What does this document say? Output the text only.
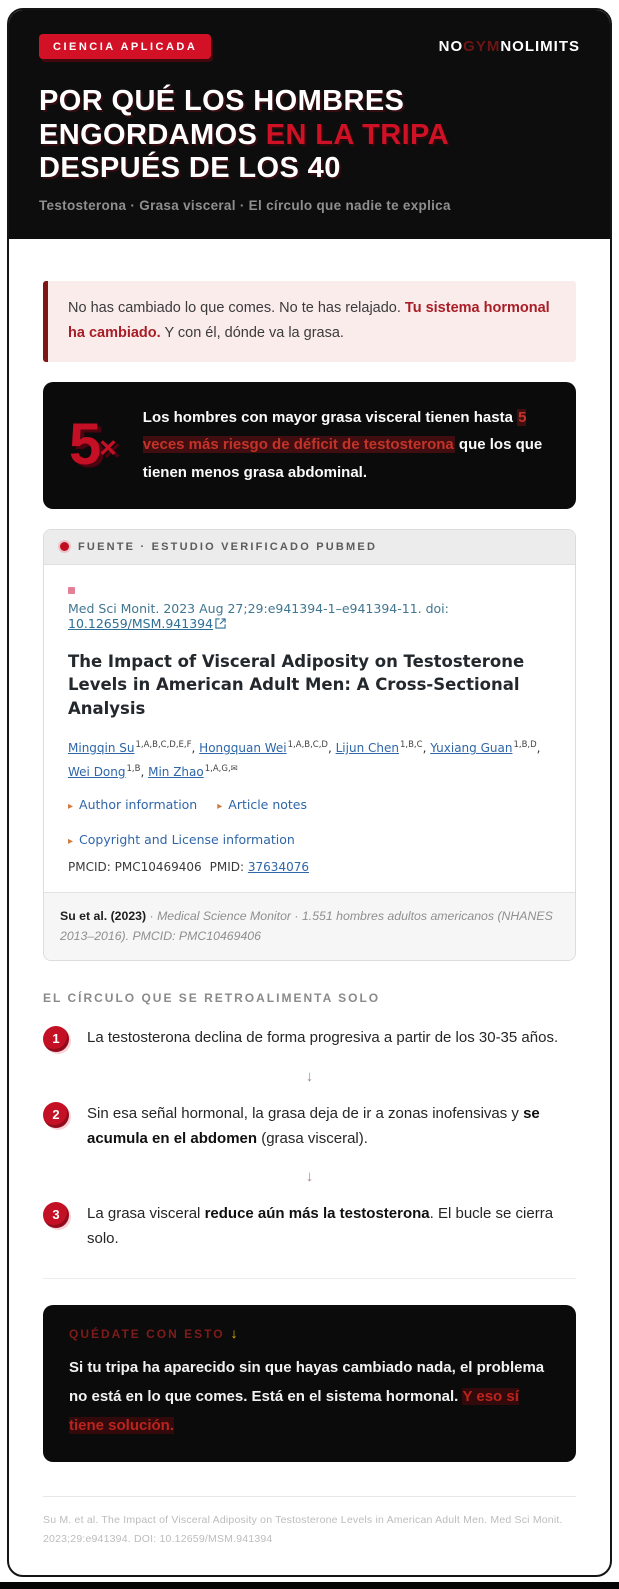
CIENCIA APLICADA	NOGYMNOLIMITS
POR QUÉ LOS HOMBRES
ENGORDAMOS EN LA TRIPA
DESPUÉS DE LOS 40

Testosterona · Grasa visceral · El círculo que nadie te explica

No has cambiado lo que comes. No te has relajado. Tu sistema hormonal ha cambiado. Y con él, dónde va la grasa.
5×

Los hombres con mayor grasa visceral tienen hasta 5 veces más riesgo de déficit de testosterona que los que tienen menos grasa abdominal.

FUENTE · ESTUDIO VERIFICADO PUBMED

Med Sci Monit. 2023 Aug 27;29:e941394-1–e941394-11. doi: 10.12659/MSM.941394

The Impact of Visceral Adiposity on Testosterone Levels in American Adult Men: A Cross-Sectional Analysis

Mingqin $Su^{1,A,B,C,D,E,F}$, Hongquan Wei$^{1,A,B,C,D}$, Lijun Chen$^{1,B,C}$, Yuxiang Guan$^{1,B,D}$, Wei Dong$^{1,B}$, Min Zhao$^{1,A,G,✉}$

▸ Author information ▸ Article notes
▸ Copyright and License information

PMCID: PMC10469406 PMID: 37634076

Su et al. (2023) · Medical Science Monitor · 1.551 hombres adultos americanos (NHANES 2013–2016). PMCID: PMC10469406
EL CÍRCULO QUE SE RETROALIMENTA SOLO
1	La testosterona declina de forma progresiva a partir de los 30-35 años.

↓
2	Sin esa señal hormonal, la grasa deja de ir a zonas inofensivas y se acumula en el abdomen (grasa visceral).

↓
3	La grasa visceral reduce aún más la testosterona. El bucle se cierra solo.

QUÉDATE CON ESTO ↓

Si tu tripa ha aparecido sin que hayas cambiado nada, el problema no está en lo que comes. Está en el sistema hormonal. Y eso sí tiene solución.

Su M. et al. The Impact of Visceral Adiposity on Testosterone Levels in American Adult Men. Med Sci Monit. 2023;29:e941394. DOI: 10.12659/MSM.941394
